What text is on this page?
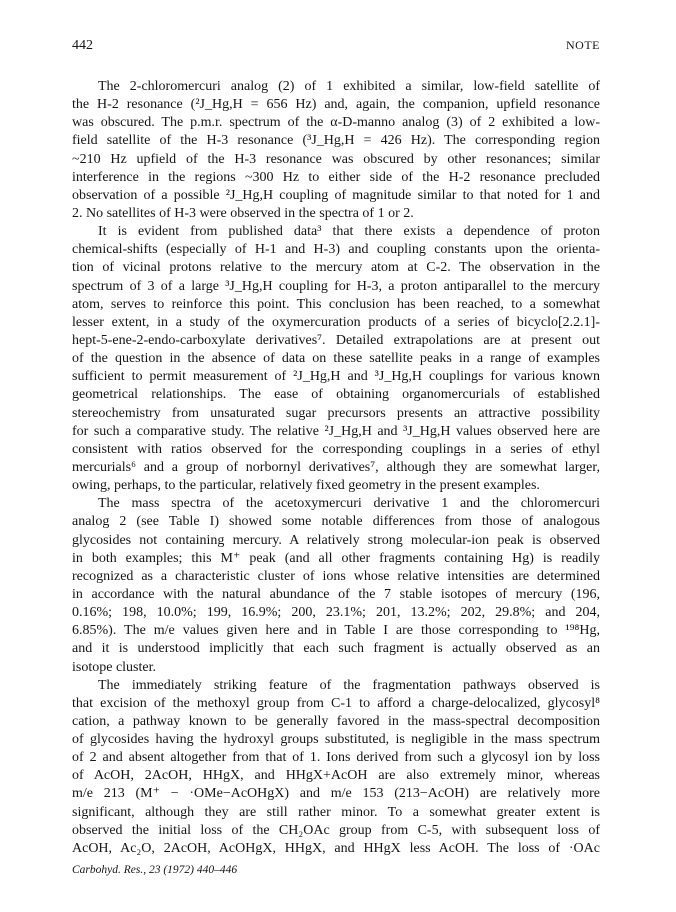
442	NOTE
The 2-chloromercuri analog (2) of 1 exhibited a similar, low-field satellite of
the H-2 resonance (²J_Hg,H = 656 Hz) and, again, the companion, upfield resonance
was obscured. The p.m.r. spectrum of the α-D-manno analog (3) of 2 exhibited a low-
field satellite of the H-3 resonance (³J_Hg,H = 426 Hz). The corresponding region
~210 Hz upfield of the H-3 resonance was obscured by other resonances; similar
interference in the regions ~300 Hz to either side of the H-2 resonance precluded
observation of a possible ²J_Hg,H coupling of magnitude similar to that noted for 1 and
2. No satellites of H-3 were observed in the spectra of 1 or 2.
It is evident from published data³ that there exists a dependence of proton
chemical-shifts (especially of H-1 and H-3) and coupling constants upon the orienta-
tion of vicinal protons relative to the mercury atom at C-2. The observation in the
spectrum of 3 of a large ³J_Hg,H coupling for H-3, a proton antiparallel to the mercury
atom, serves to reinforce this point. This conclusion has been reached, to a somewhat
lesser extent, in a study of the oxymercuration products of a series of bicyclo[2.2.1]-
hept-5-ene-2-endo-carboxylate derivatives⁷. Detailed extrapolations are at present out
of the question in the absence of data on these satellite peaks in a range of examples
sufficient to permit measurement of ²J_Hg,H and ³J_Hg,H couplings for various known
geometrical relationships. The ease of obtaining organomercurials of established
stereochemistry from unsaturated sugar precursors presents an attractive possibility
for such a comparative study. The relative ²J_Hg,H and ³J_Hg,H values observed here are
consistent with ratios observed for the corresponding couplings in a series of ethyl
mercurials⁶ and a group of norbornyl derivatives⁷, although they are somewhat larger,
owing, perhaps, to the particular, relatively fixed geometry in the present examples.
The mass spectra of the acetoxymercuri derivative 1 and the chloromercuri
analog 2 (see Table I) showed some notable differences from those of analogous
glycosides not containing mercury. A relatively strong molecular-ion peak is observed
in both examples; this M⁺ peak (and all other fragments containing Hg) is readily
recognized as a characteristic cluster of ions whose relative intensities are determined
in accordance with the natural abundance of the 7 stable isotopes of mercury (196,
0.16%; 198, 10.0%; 199, 16.9%; 200, 23.1%; 201, 13.2%; 202, 29.8%; and 204,
6.85%). The m/e values given here and in Table I are those corresponding to ¹⁹⁸Hg,
and it is understood implicitly that each such fragment is actually observed as an
isotope cluster.
The immediately striking feature of the fragmentation pathways observed is
that excision of the methoxyl group from C-1 to afford a charge-delocalized, glycosyl⁸
cation, a pathway known to be generally favored in the mass-spectral decomposition
of glycosides having the hydroxyl groups substituted, is negligible in the mass spectrum
of 2 and absent altogether from that of 1. Ions derived from such a glycosyl ion by loss
of AcOH, 2AcOH, HHgX, and HHgX+AcOH are also extremely minor, whereas
m/e 213 (M⁺ − ·OMe−AcOHgX) and m/e 153 (213−AcOH) are relatively more
significant, although they are still rather minor. To a somewhat greater extent is
observed the initial loss of the CH₂OAc group from C-5, with subsequent loss of
AcOH, Ac₂O, 2AcOH, AcOHgX, HHgX, and HHgX less AcOH. The loss of ·OAc
Carbohyd. Res., 23 (1972) 440–446
